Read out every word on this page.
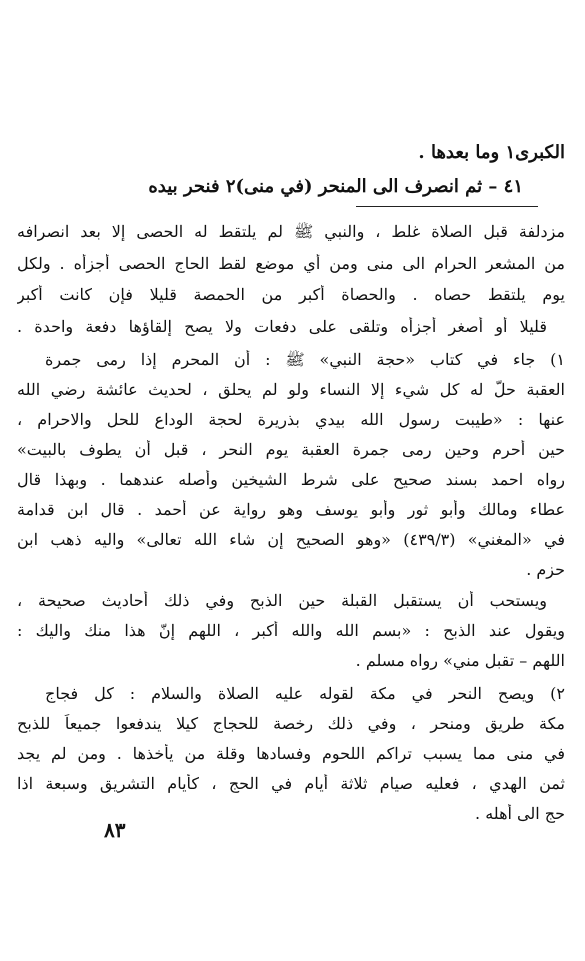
الكبرى١ وما بعدها .
٤١ – ثم انصرف الى المنحر (في منى)٢ فنحر بيده
مزدلفة قبل الصلاة غلط ، والنبي ﷺ لم يلتقط له الحصى إلا بعد انصرافه
من المشعر الحرام الى منى ومن أي موضع لقط الحاج الحصى أجزأه . ولكل
يوم يلتقط حصاه . والحصاة أكبر من الحمصة قليلا فإن كانت أكبر
قليلا أو أصغر أجزأه وتلقى على دفعات ولا يصح إلقاؤها دفعة واحدة .
١) جاء في كتاب «حجة النبي» ﷺ : أن المحرم إذا رمى جمرة
العقبة حلّ له كل شيء إلا النساء ولو لم يحلق ، لحديث عائشة رضي الله
عنها : «طيبت رسول الله بيدي بذريرة لحجة الوداع للحل والاحرام ،
حين أحرم وحين رمى جمرة العقبة يوم النحر ، قبل أن يطوف بالبيت»
رواه احمد بسند صحيح على شرط الشيخين وأصله عندهما . وبهذا قال
عطاء ومالك وأبو ثور وأبو يوسف وهو رواية عن أحمد . قال ابن قدامة
في «المغني» (٤٣٩/٣) «وهو الصحيح إن شاء الله تعالى» واليه ذهب ابن
حزم .
ويستحب أن يستقبل القبلة حين الذبح وفي ذلك أحاديث صحيحة ،
ويقول عند الذبح : «بسم الله والله أكبر ، اللهم إنّ هذا منك واليك :
اللهم – تقبل مني» رواه مسلم .
٢) ويصح النحر في مكة لقوله عليه الصلاة والسلام : كل فجاج
مكة طريق ومنحر ، وفي ذلك رخصة للحجاج كيلا يندفعوا جميعاً للذبح
في منى مما يسبب تراكم اللحوم وفسادها وقلة من يأخذها . ومن لم يجد
ثمن الهدي ، فعليه صيام ثلاثة أيام في الحج ، كأيام التشريق وسبعة اذا
حج الى أهله .
٨٣
